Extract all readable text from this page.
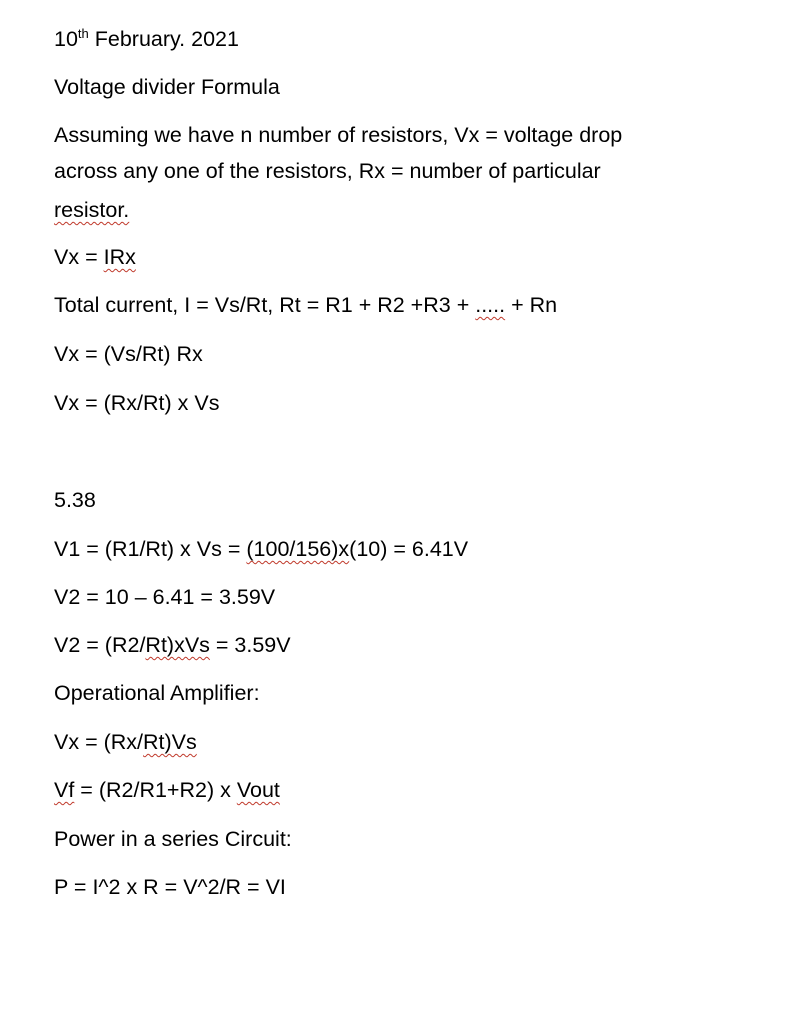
10th February. 2021
Voltage divider Formula
Assuming we have n number of resistors, Vx = voltage drop
across any one of the resistors, Rx = number of particular
resistor.
Vx = IRx
Total current, I = Vs/Rt, Rt = R1 + R2 +R3 + ..... + Rn
Vx = (Vs/Rt) Rx
Vx = (Rx/Rt) x Vs
5.38
V1 = (R1/Rt) x Vs = (100/156)x(10) = 6.41V
V2 = 10 – 6.41 = 3.59V
V2 = (R2/Rt)xVs = 3.59V
Operational Amplifier:
Vx = (Rx/Rt)Vs
Vf = (R2/R1+R2) x Vout
Power in a series Circuit:
P = I^2 x R = V^2/R = VI
